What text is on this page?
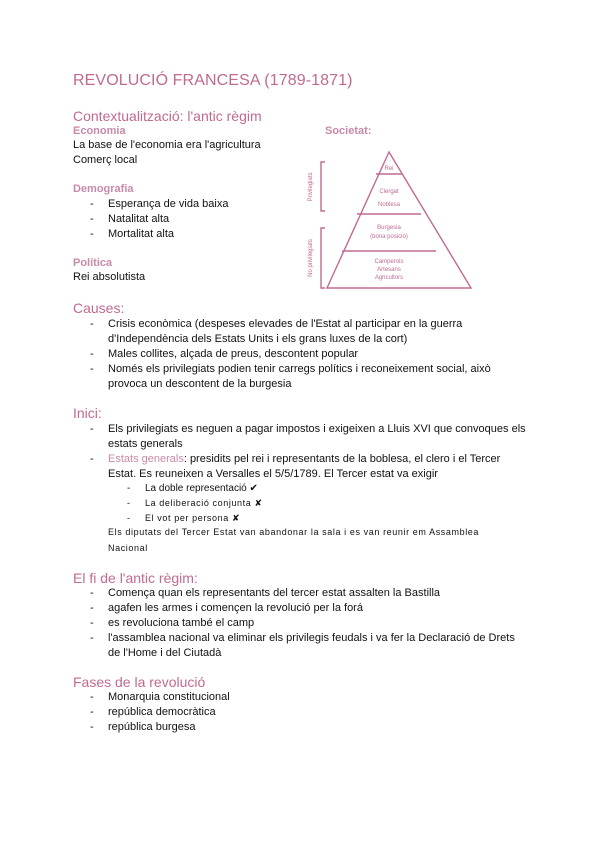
REVOLUCIÓ FRANCESA (1789-1871)
Contextualització: l'antic règim
Economia
La base de l'economia era l'agricultura
Comerç local
Societat:
Demografia
- Esperança de vida baixa
- Natalitat alta
- Mortalitat alta
Política
Rei absolutista
Privilegiats
No privilegiats
Rei
Clergat
Noblesa
Burgesia
(bona posició)
Camperols
Artesans
Agricultors
Causes:
- Crisis econòmica (despeses elevades de l'Estat al participar en la guerra d'Independència dels Estats Units i els grans luxes de la cort)
- Males collites, alçada de preus, descontent popular
- Només els privilegiats podien tenir carregs polítics i reconeixement social, això provoca un descontent de la burgesia
Inici:
- Els privilegiats es neguen a pagar impostos i exigeixen a Lluis XVI que convoques els estats generals
- Estats generals: presidits pel rei i representants de la boblesa, el clero i el Tercer Estat. Es reuneixen a Versalles el 5/5/1789. El Tercer estat va exigir
- La doble representació ✔
- La deliberació conjunta ✘
- El vot per persona ✘
Els diputats del Tercer Estat van abandonar la sala i es van reunir em Assamblea Nacional
El fi de l'antic règim:
- Comença quan els representants del tercer estat assalten la Bastilla
- agafen les armes i començen la revolució per la forá
- es revoluciona també el camp
- l'assamblea nacional va eliminar els privilegis feudals i va fer la Declaració de Drets de l'Home i del Ciutadà
Fases de la revolució
- Monarquia constitucional
- república democràtica
- república burgesa
